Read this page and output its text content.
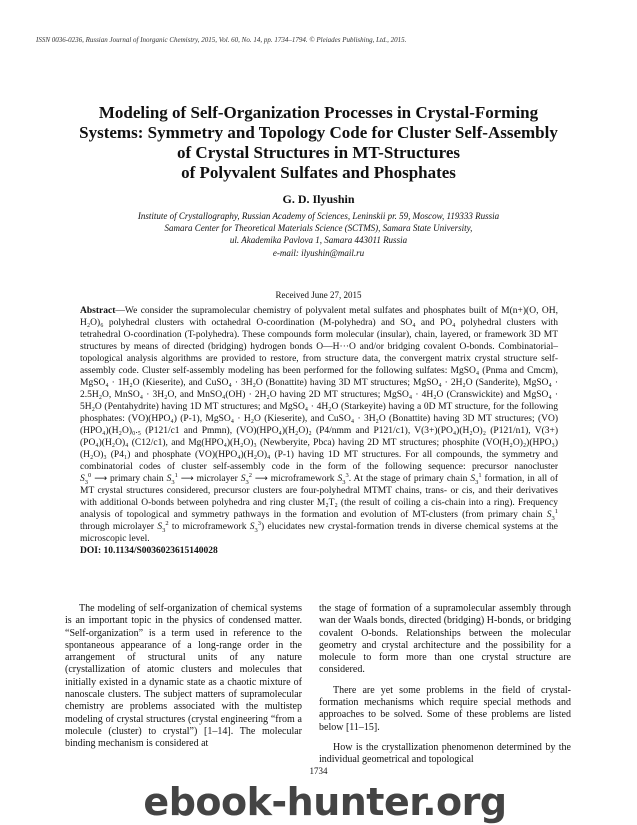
ISSN 0036-0236, Russian Journal of Inorganic Chemistry, 2015, Vol. 60, No. 14, pp. 1734–1794. © Pleiades Publishing, Ltd., 2015.
Modeling of Self-Organization Processes in Crystal-Forming
Systems: Symmetry and Topology Code for Cluster Self-Assembly
of Crystal Structures in MT-Structures
of Polyvalent Sulfates and Phosphates
G. D. Ilyushin
Institute of Crystallography, Russian Academy of Sciences, Leninskii pr. 59, Moscow, 119333 Russia
Samara Center for Theoretical Materials Science (SCTMS), Samara State University,
ul. Akademika Pavlova 1, Samara 443011 Russia
e-mail: ilyushin@mail.ru
Received June 27, 2015

Abstract—We consider the supramolecular chemistry of polyvalent metal sulfates and phosphates built of M(n+)(O, OH, H₂O)₆ polyhedral clusters with octahedral O-coordination (M-polyhedra) and SO₄ and PO₄ polyhedral clusters with tetrahedral O-coordination (T-polyhedra). These compounds form molecular (insular), chain, layered, or framework 3D MT structures by means of directed (bridging) hydrogen bonds O—H···O and/or bridging covalent O-bonds. Combinatorial–topological analysis algorithms are provided to restore, from structure data, the convergent matrix crystal structure self-assembly code. Cluster self-assembly modeling has been performed for the following sulfates: MgSO₄ (Pnma and Cmcm), MgSO₄ · 1H₂O (Kieserite), and CuSO₄ · 3H₂O (Bonattite) having 3D MT structures; MgSO₄ · 2H₂O (Sanderite), MgSO₄ · 2.5H₂O, MnSO₄ · 3H₂O, and MnSO₄(OH) · 2H₂O having 2D MT structures; MgSO₄ · 4H₂O (Cranswickite) and MgSO₄ · 5H₂O (Pentahydrite) having 1D MT structures; and MgSO₄ · 4H₂O (Starkeyite) having a 0D MT structure, for the following phosphates: (VO)(HPO₄) (P-1), MgSO₄ · H₂O (Kieserite), and CuSO₄ · 3H₂O (Bonattite) having 3D MT structures; (VO)(HPO₄)(H₂O)₀.₅ (P121/c1 and Pmmn), (VO)(HPO₄)(H₂O)₂ (P4/nmm and P121/c1), V(3+)(PO₄)(H₂O)₂ (P121/n1), V(3+)(PO₄)(H₂O)₄ (C12/c1), and Mg(HPO₄)(H₂O)₃ (Newberyite, Pbca) having 2D MT structures; phosphite (VO(H₂O)₂)(HPO₃)(H₂O)₃ (P4₁) and phosphate (VO)(HPO₄)(H₂O)₄ (P-1) having 1D MT structures. For all compounds, the symmetry and combinatorial codes of cluster self-assembly code in the form of the following sequence: precursor nanocluster $S_3^0$ ⟶ primary chain $S_3^1$ ⟶ microlayer $S_3^2$ ⟶ microframework $S_3^3$. At the stage of primary chain $S_3^1$ formation, in all of MT crystal structures considered, precursor clusters are four-polyhedral MTMT chains, trans- or cis, and their derivatives with additional O-bonds between polyhedra and ring cluster M₂T₂ (the result of coiling a cis-chain into a ring). Frequency analysis of topological and symmetry pathways in the formation and evolution of MT-clusters (from primary chain $S_3^1$ through microlayer $S_3^2$ to microframework $S_3^3$) elucidates new crystal-formation trends in diverse chemical systems at the microscopic level.

DOI: 10.1134/S0036023615140028

The modeling of self-organization of chemical systems is an important topic in the physics of condensed matter. “Self-organization” is a term used in reference to the spontaneous appearance of a long-range order in the arrangement of structural units of any nature (crystallization of atomic clusters and molecules that initially existed in a dynamic state as a chaotic mixture of nanoscale clusters. The subject matters of supramolecular chemistry are problems associated with the multistep modeling of crystal structures (crystal engineering “from a molecule (cluster) to crystal”) [1–14]. The molecular binding mechanism is considered at

the stage of formation of a supramolecular assembly through wan der Waals bonds, directed (bridging) H-bonds, or bridging covalent O-bonds. Relationships between the molecular geometry and crystal architecture and the possibility for a molecule to form more than one crystal structure are considered.

There are yet some problems in the field of crystal-formation mechanisms which require special methods and approaches to be solved. Some of these problems are listed below [11–15].

How is the crystallization phenomenon determined by the individual geometrical and topological

1734
ebook-hunter.org
